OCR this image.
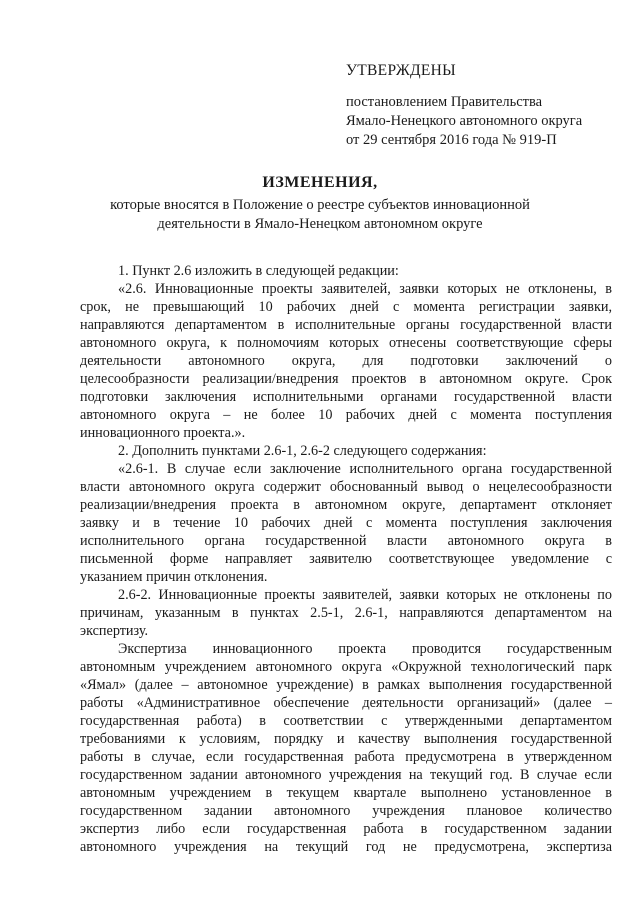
УТВЕРЖДЕНЫ
постановлением Правительства
Ямало-Ненецкого автономного округа
от 29 сентября 2016 года № 919-П
ИЗМЕНЕНИЯ,
которые вносятся в Положение о реестре субъектов инновационной
деятельности в Ямало-Ненецком автономном округе
1. Пункт 2.6 изложить в следующей редакции:
«2.6. Инновационные проекты заявителей, заявки которых не отклонены, в
срок, не превышающий 10 рабочих дней с момента регистрации заявки,
направляются департаментом в исполнительные органы государственной власти
автономного округа, к полномочиям которых отнесены соответствующие сферы
деятельности автономного округа, для подготовки заключений о
целесообразности реализации/внедрения проектов в автономном округе. Срок
подготовки заключения исполнительными органами государственной власти
автономного округа – не более 10 рабочих дней с момента поступления
инновационного проекта.».
2. Дополнить пунктами 2.6-1, 2.6-2 следующего содержания:
«2.6-1. В случае если заключение исполнительного органа государственной
власти автономного округа содержит обоснованный вывод о нецелесообразности
реализации/внедрения проекта в автономном округе, департамент отклоняет
заявку и в течение 10 рабочих дней с момента поступления заключения
исполнительного органа государственной власти автономного округа в
письменной форме направляет заявителю соответствующее уведомление с
указанием причин отклонения.
2.6-2. Инновационные проекты заявителей, заявки которых не отклонены по
причинам, указанным в пунктах 2.5-1, 2.6-1, направляются департаментом на
экспертизу.
Экспертиза инновационного проекта проводится государственным
автономным учреждением автономного округа «Окружной технологический парк
«Ямал» (далее – автономное учреждение) в рамках выполнения государственной
работы «Административное обеспечение деятельности организаций» (далее –
государственная работа) в соответствии с утвержденными департаментом
требованиями к условиям, порядку и качеству выполнения государственной
работы в случае, если государственная работа предусмотрена в утвержденном
государственном задании автономного учреждения на текущий год. В случае если
автономным учреждением в текущем квартале выполнено установленное в
государственном задании автономного учреждения плановое количество
экспертиз либо если государственная работа в государственном задании
автономного учреждения на текущий год не предусмотрена, экспертиза
